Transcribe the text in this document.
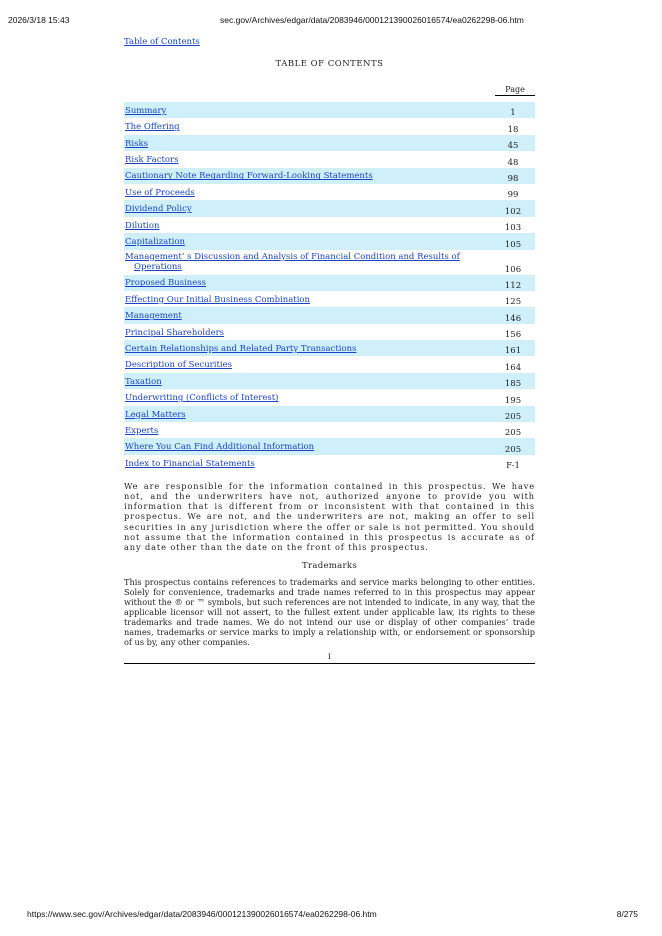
2026/3/18 15:43	sec.gov/Archives/edgar/data/2083946/000121390026016574/ea0262298-06.htm
Table of Contents
TABLE OF CONTENTS
Page
Summary	1
The Offering	18
Risks	45
Risk Factors	48
Cautionary Note Regarding Forward-Looking Statements	98
Use of Proceeds	99
Dividend Policy	102
Dilution	103
Capitalization	105
Management’ s Discussion and Analysis of Financial Condition and Results of
Operations	106
Proposed Business	112
Effecting Our Initial Business Combination	125
Management	146
Principal Shareholders	156
Certain Relationships and Related Party Transactions	161
Description of Securities	164
Taxation	185
Underwriting (Conflicts of Interest)	195
Legal Matters	205
Experts	205
Where You Can Find Additional Information	205
Index to Financial Statements	F-1

We are responsible for the information contained in this prospectus. We have not, and the underwriters have not, authorized anyone to provide you with information that is different from or inconsistent with that contained in this prospectus. We are not, and the underwriters are not, making an offer to sell securities in any jurisdiction where the offer or sale is not permitted. You should not assume that the information contained in this prospectus is accurate as of any date other than the date on the front of this prospectus.

Trademarks

This prospectus contains references to trademarks and service marks belonging to other entities. Solely for convenience, trademarks and trade names referred to in this prospectus may appear without the ® or ™ symbols, but such references are not intended to indicate, in any way, that the applicable licensor will not assert, to the fullest extent under applicable law, its rights to these trademarks and trade names. We do not intend our use or display of other companies’ trade names, trademarks or service marks to imply a relationship with, or endorsement or sponsorship of us by, any other companies.

i
https://www.sec.gov/Archives/edgar/data/2083946/000121390026016574/ea0262298-06.htm	8/275
